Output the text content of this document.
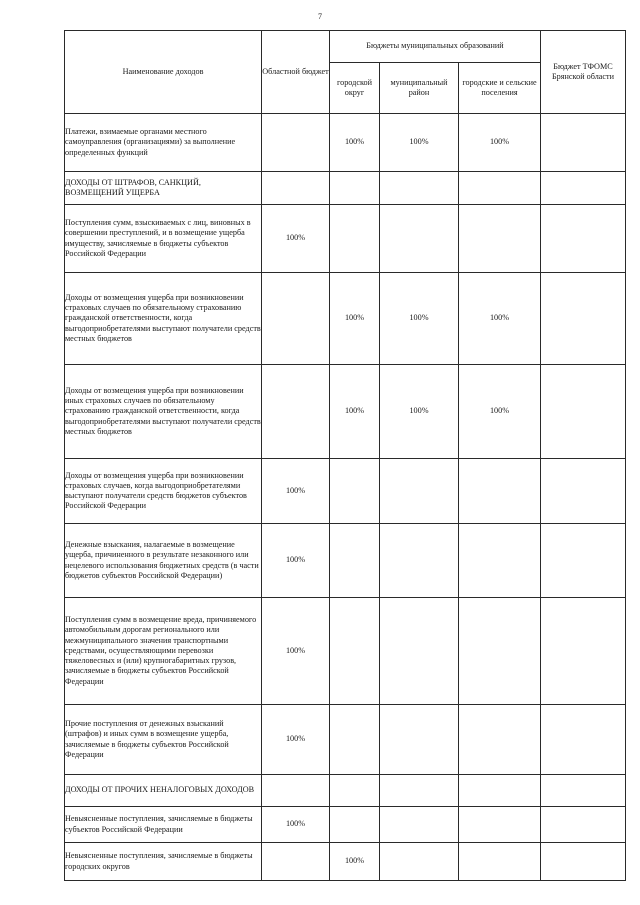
7
Наименование доходов	Областной бюджет	Бюджеты муниципальных образований			Бюджет ТФОМС Брянской области
		городской округ	муниципальный район	городские и сельские поселения	
Платежи, взимаемые органами местного самоуправления (организациями) за выполнение определенных функций		100%	100%	100%	
ДОХОДЫ ОТ ШТРАФОВ, САНКЦИЙ, ВОЗМЕЩЕНИЙ УЩЕРБА					
Поступления сумм, взыскиваемых с лиц, виновных в совершении преступлений, и в возмещение ущерба имуществу, зачисляемые в бюджеты субъектов Российской Федерации	100%				
Доходы от возмещения ущерба при возникновении страховых случаев по обязательному страхованию гражданской ответственности, когда выгодоприобретателями выступают получатели средств местных бюджетов		100%	100%	100%	
Доходы от возмещения ущерба при возникновении иных страховых случаев по обязательному страхованию гражданской ответственности, когда выгодоприобретателями выступают получатели средств местных бюджетов		100%	100%	100%	
Доходы от возмещения ущерба при возникновении страховых случаев, когда выгодоприобретателями выступают получатели средств бюджетов субъектов Российской Федерации	100%				
Денежные взыскания, налагаемые в возмещение ущерба, причиненного в результате незаконного или нецелевого использования бюджетных средств (в части бюджетов субъектов Российской Федерации)	100%				
Поступления сумм в возмещение вреда, причиняемого автомобильным дорогам регионального или межмуниципального значения транспортными средствами, осуществляющими перевозки тяжеловесных и (или) крупногабаритных грузов, зачисляемые в бюджеты субъектов Российской Федерации	100%				
Прочие поступления от денежных взысканий (штрафов) и иных сумм в возмещение ущерба, зачисляемые в бюджеты субъектов Российской Федерации	100%				
ДОХОДЫ ОТ ПРОЧИХ НЕНАЛОГОВЫХ ДОХОДОВ					
Невыясненные поступления, зачисляемые в бюджеты субъектов Российской Федерации	100%				
Невыясненные поступления, зачисляемые в бюджеты городских округов		100%			
